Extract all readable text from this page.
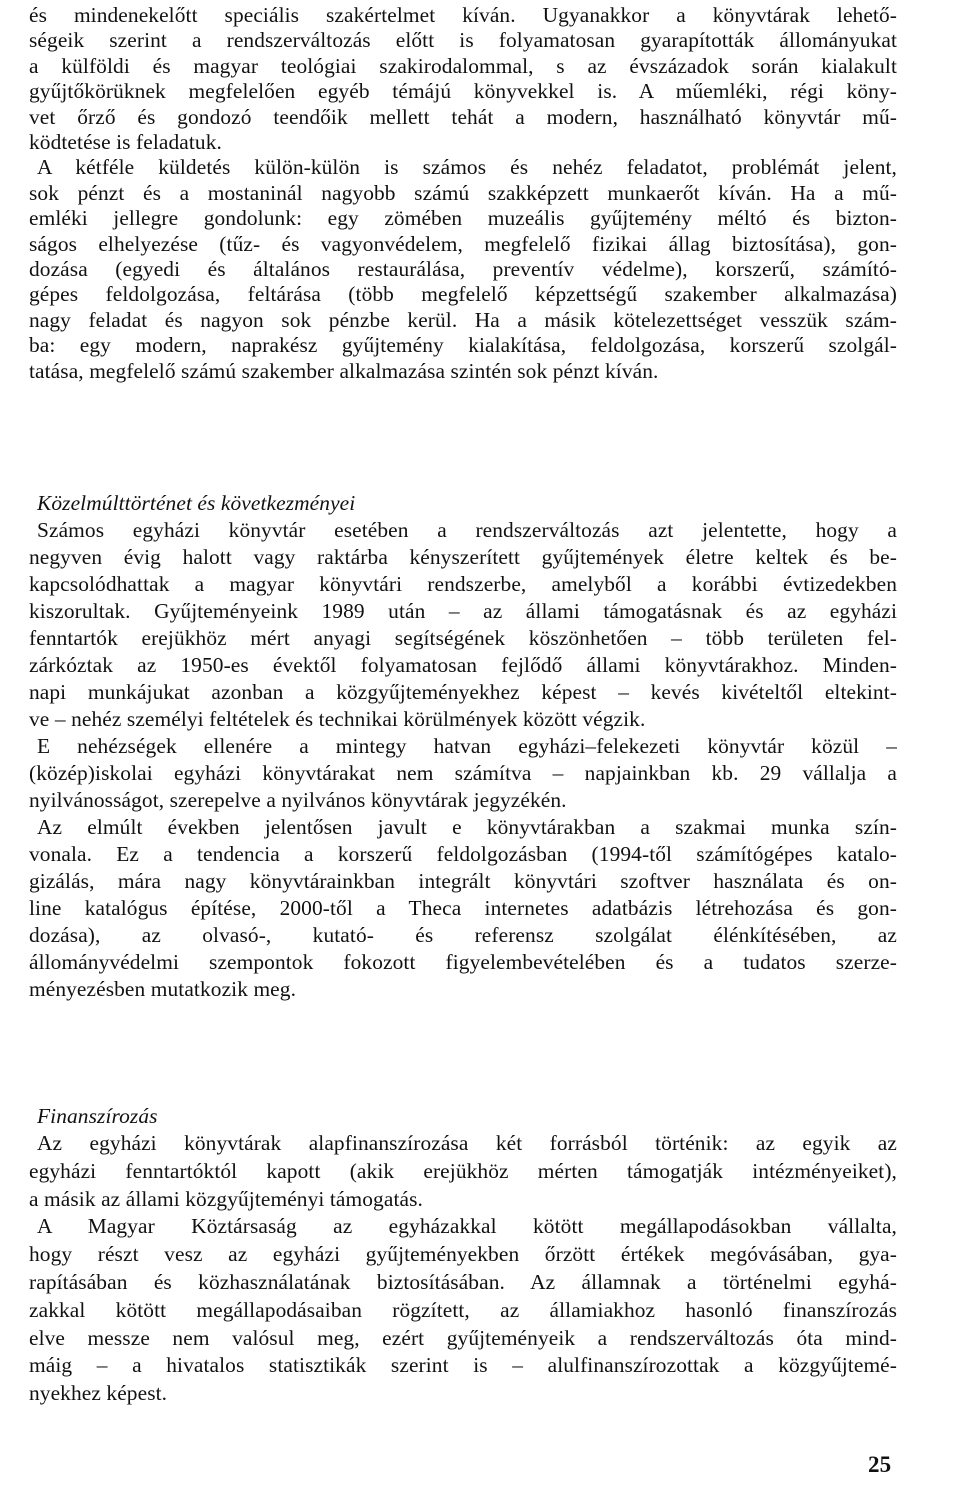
és mindenekelőtt speciális szakértelmet kíván. Ugyanakkor a könyvtárak lehető-
ségeik szerint a rendszerváltozás előtt is folyamatosan gyarapították állományukat
a külföldi és magyar teológiai szakirodalommal, s az évszázadok során kialakult
gyűjtőkörüknek megfelelően egyéb témájú könyvekkel is. A műemléki, régi köny-
vet őrző és gondozó teendőik mellett tehát a modern, használható könyvtár mű-
ködtetése is feladatuk.
A kétféle küldetés külön-külön is számos és nehéz feladatot, problémát jelent,
sok pénzt és a mostaninál nagyobb számú szakképzett munkaerőt kíván. Ha a mű-
emléki jellegre gondolunk: egy zömében muzeális gyűjtemény méltó és bizton-
ságos elhelyezése (tűz- és vagyonvédelem, megfelelő fizikai állag biztosítása), gon-
dozása (egyedi és általános restaurálása, preventív védelme), korszerű, számító-
gépes feldolgozása, feltárása (több megfelelő képzettségű szakember alkalmazása)
nagy feladat és nagyon sok pénzbe kerül. Ha a másik kötelezettséget vesszük szám-
ba: egy modern, naprakész gyűjtemény kialakítása, feldolgozása, korszerű szolgál-
tatása, megfelelő számú szakember alkalmazása szintén sok pénzt kíván.
Közelmúlttörténet és következményei
Számos egyházi könyvtár esetében a rendszerváltozás azt jelentette, hogy a
negyven évig halott vagy raktárba kényszerített gyűjtemények életre keltek és be-
kapcsolódhattak a magyar könyvtári rendszerbe, amelyből a korábbi évtizedekben
kiszorultak. Gyűjteményeink 1989 után – az állami támogatásnak és az egyházi
fenntartók erejükhöz mért anyagi segítségének köszönhetően – több területen fel-
zárkóztak az 1950-es évektől folyamatosan fejlődő állami könyvtárakhoz. Minden-
napi munkájukat azonban a közgyűjteményekhez képest – kevés kivételtől eltekint-
ve – nehéz személyi feltételek és technikai körülmények között végzik.
E nehézségek ellenére a mintegy hatvan egyházi–felekezeti könyvtár közül –
(közép)iskolai egyházi könyvtárakat nem számítva – napjainkban kb. 29 vállalja a
nyilvánosságot, szerepelve a nyilvános könyvtárak jegyzékén.
Az elmúlt években jelentősen javult e könyvtárakban a szakmai munka szín-
vonala. Ez a tendencia a korszerű feldolgozásban (1994-től számítógépes katalo-
gizálás, mára nagy könyvtárainkban integrált könyvtári szoftver használata és on-
line katalógus építése, 2000-től a Theca internetes adatbázis létrehozása és gon-
dozása), az olvasó-, kutató- és referensz szolgálat élénkítésében, az
állományvédelmi szempontok fokozott figyelembevételében és a tudatos szerze-
ményezésben mutatkozik meg.
Finanszírozás
Az egyházi könyvtárak alapfinanszírozása két forrásból történik: az egyik az
egyházi fenntartóktól kapott (akik erejükhöz mérten támogatják intézményeiket),
a másik az állami közgyűjteményi támogatás.
A Magyar Köztársaság az egyházakkal kötött megállapodásokban vállalta,
hogy részt vesz az egyházi gyűjteményekben őrzött értékek megóvásában, gya-
rapításában és közhasználatának biztosításában. Az államnak a történelmi egyhá-
zakkal kötött megállapodásaiban rögzített, az államiakhoz hasonló finanszírozás
elve messze nem valósul meg, ezért gyűjteményeik a rendszerváltozás óta mind-
máig – a hivatalos statisztikák szerint is – alulfinanszírozottak a közgyűjtemé-
nyekhez képest.
25
